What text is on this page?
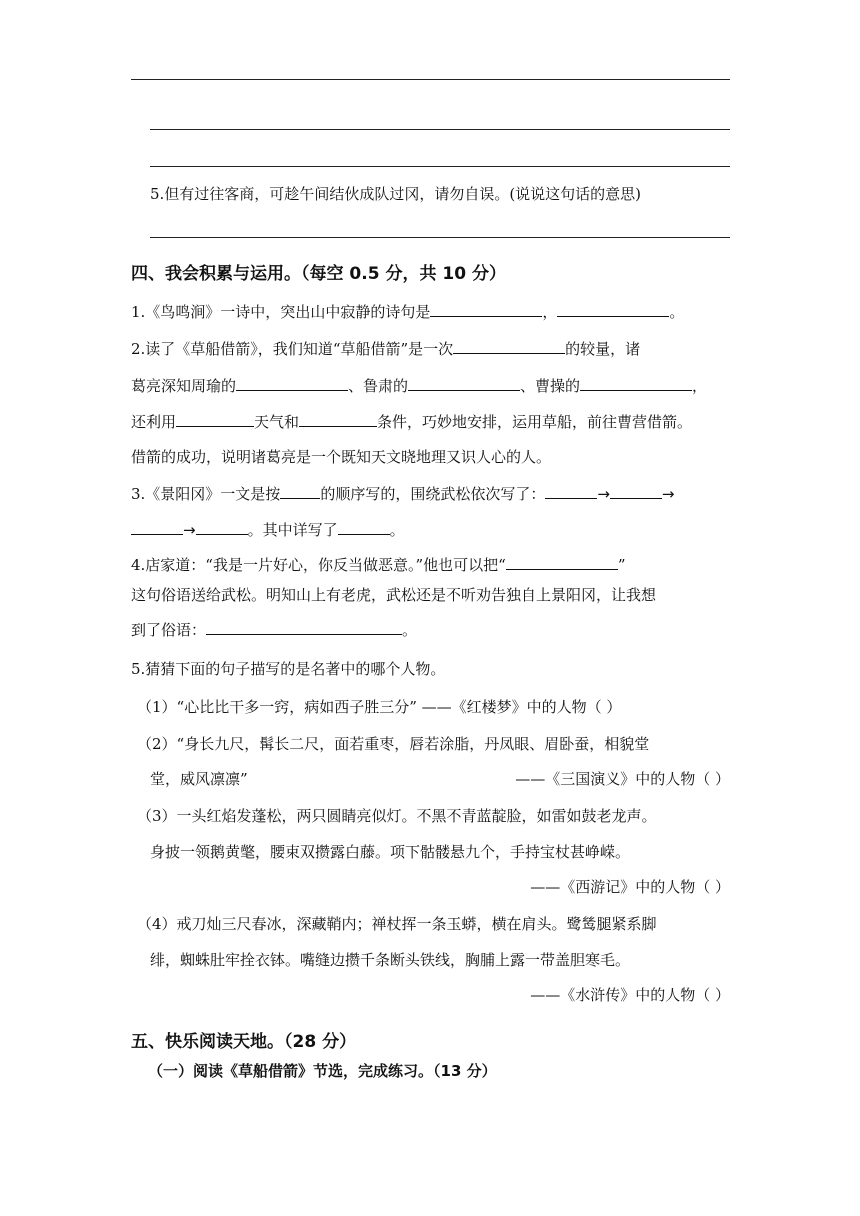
5.但有过往客商，可趁午间结伙成队过冈，请勿自误。(说说这句话的意思)
四、我会积累与运用。（每空 0.5 分，共 10 分）
1.《鸟鸣涧》一诗中，突出山中寂静的诗句是	，	。
2.读了《草船借箭》，我们知道“草船借箭”是一次	的较量，诸
葛亮深知周瑜的	、鲁肃的	、曹操的	，
还利用	天气和	条件，巧妙地安排，运用草船，前往曹营借箭。
借箭的成功，说明诸葛亮是一个既知天文晓地理又识人心的人。
3.《景阳冈》一文是按	的顺序写的，围绕武松依次写了：	→	→
→	。其中详写了	。
4.店家道：“我是一片好心，你反当做恶意。”他也可以把“	”
这句俗语送给武松。明知山上有老虎，武松还是不听劝告独自上景阳冈，让我想
到了俗语：	。
5.猜猜下面的句子描写的是名著中的哪个人物。
（1）“心比比干多一窍，病如西子胜三分” ——《红楼梦》中的人物（ ）
（2）“身长九尺，髯长二尺，面若重枣，唇若涂脂，丹凤眼、眉卧蚕，相貌堂
堂，威风凛凛”	——《三国演义》中的人物（ ）
（3）一头红焰发蓬松，两只圆睛亮似灯。不黑不青蓝靛脸，如雷如鼓老龙声。
身披一领鹅黄氅，腰束双攒露白藤。项下骷髅悬九个，手持宝杖甚峥嵘。
——《西游记》中的人物（ ）
（4）戒刀灿三尺春冰，深藏鞘内；禅杖挥一条玉蟒，横在肩头。鹭鸶腿紧系脚
绯，蜘蛛肚牢拴衣钵。嘴缝边攒千条断头铁线，胸脯上露一带盖胆寒毛。
——《水浒传》中的人物（ ）
五、快乐阅读天地。（28 分）
（一）阅读《草船借箭》节选，完成练习。（13 分）
